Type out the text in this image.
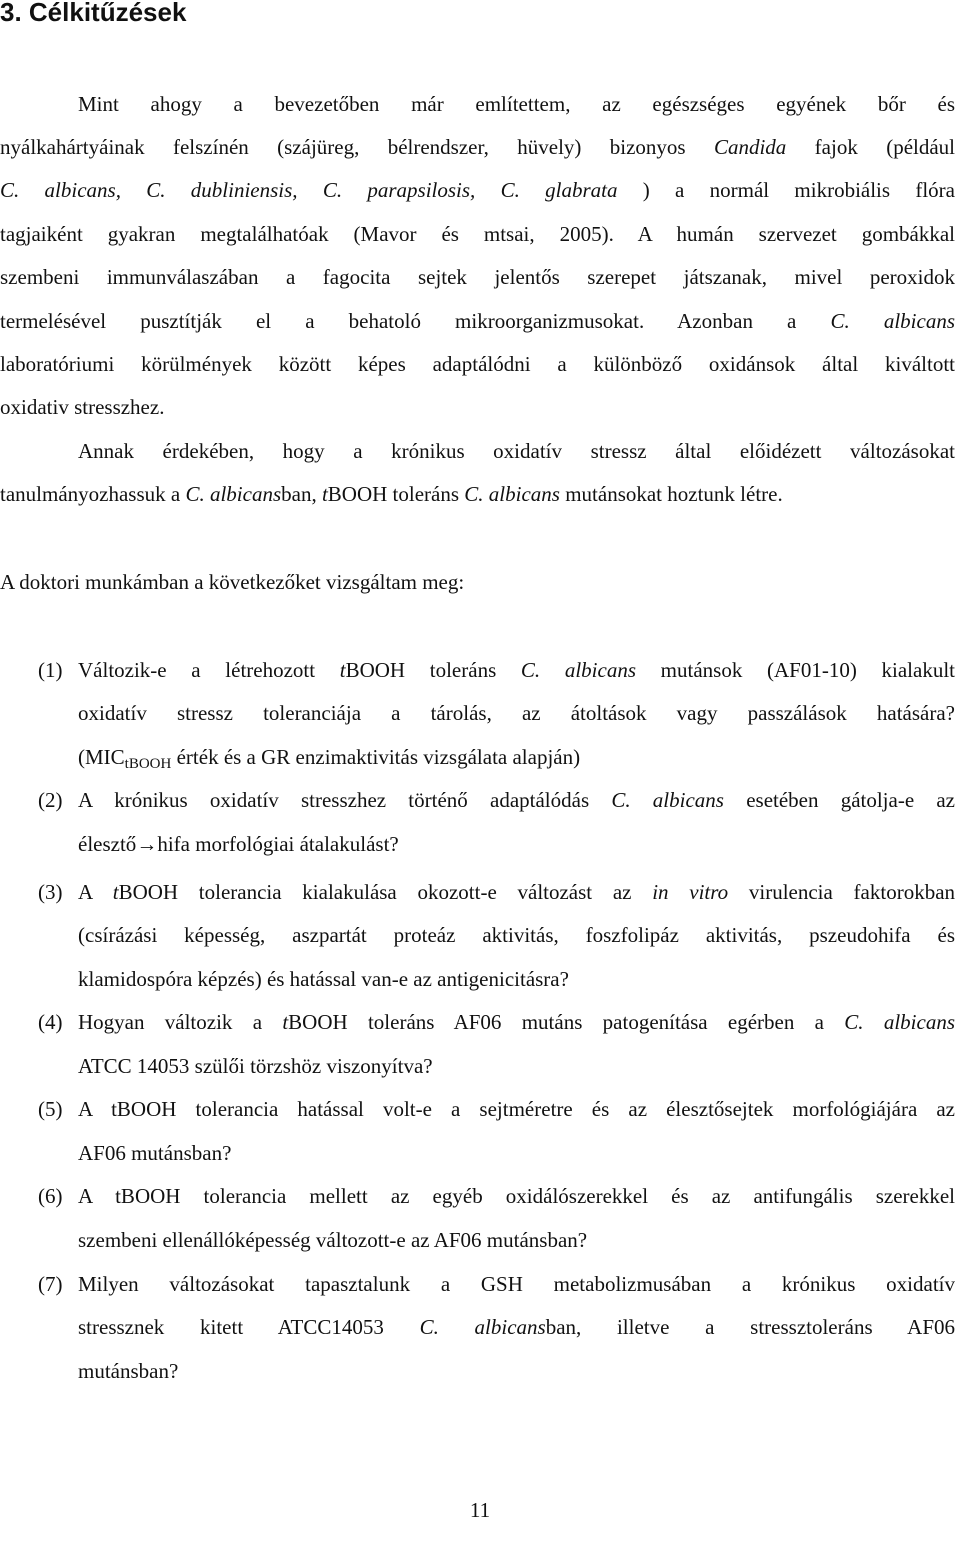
3. Célkitűzések
Mint ahogy a bevezetőben már említettem, az egészséges egyének bőr és
nyálkahártyáinak felszínén (szájüreg, bélrendszer, hüvely) bizonyos Candida fajok (például
C. albicans, C. dubliniensis, C. parapsilosis, C. glabrata ) a normál mikrobiális flóra
tagjaiként gyakran megtalálhatóak (Mavor és mtsai, 2005). A humán szervezet gombákkal
szembeni immunválaszában a fagocita sejtek jelentős szerepet játszanak, mivel peroxidok
termelésével pusztítják el a behatoló mikroorganizmusokat. Azonban a C. albicans
laboratóriumi körülmények között képes adaptálódni a különböző oxidánsok által kiváltott
oxidativ stresszhez.
Annak érdekében, hogy a krónikus oxidatív stressz által előidézett változásokat
tanulmányozhassuk a C. albicansban, tBOOH toleráns C. albicans mutánsokat hoztunk létre.
A doktori munkámban a következőket vizsgáltam meg:
(1) Változik-e a létrehozott tBOOH toleráns C. albicans mutánsok (AF01-10) kialakult
oxidatív stressz toleranciája a tárolás, az átoltások vagy passzálások hatására?
(MICtBOOH érték és a GR enzimaktivitás vizsgálata alapján)
(2) A krónikus oxidatív stresszhez történő adaptálódás C. albicans esetében gátolja-e az
élesztő→hifa morfológiai átalakulást?
(3) A tBOOH tolerancia kialakulása okozott-e változást az in vitro virulencia faktorokban
(csírázási képesség, aszpartát proteáz aktivitás, foszfolipáz aktivitás, pszeudohifa és
klamidospóra képzés) és hatással van-e az antigenicitásra?
(4) Hogyan változik a tBOOH toleráns AF06 mutáns patogenítása egérben a C. albicans
ATCC 14053 szülői törzshöz viszonyítva?
(5) A tBOOH tolerancia hatással volt-e a sejtméretre és az élesztősejtek morfológiájára az
AF06 mutánsban?
(6) A tBOOH tolerancia mellett az egyéb oxidálószerekkel és az antifungális szerekkel
szembeni ellenállóképesség változott-e az AF06 mutánsban?
(7) Milyen változásokat tapasztalunk a GSH metabolizmusában a krónikus oxidatív
stressznek kitett ATCC14053 C. albicansban, illetve a stressztoleráns AF06
mutánsban?
11
